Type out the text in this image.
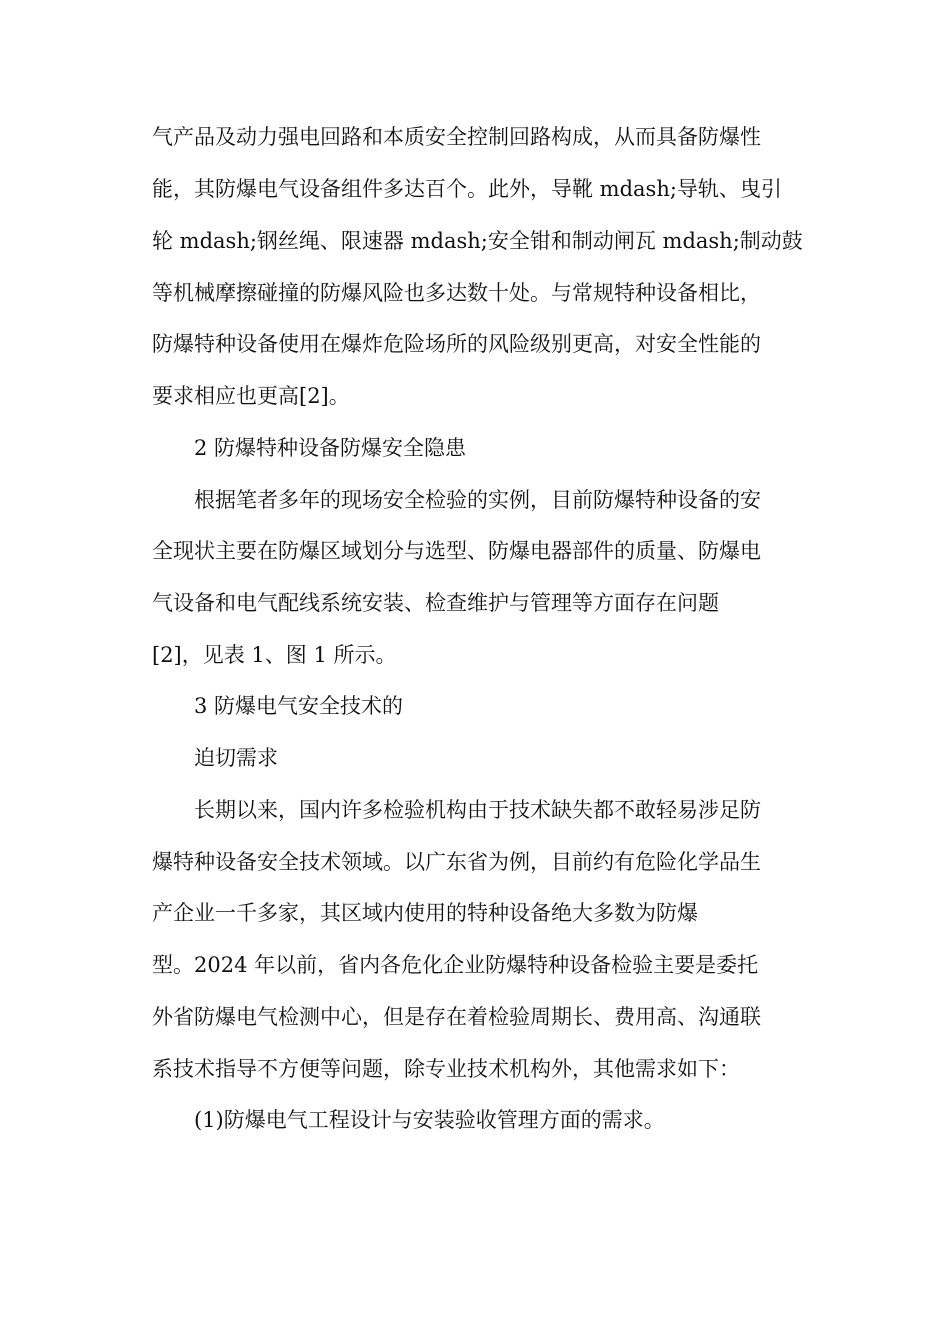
气产品及动力强电回路和本质安全控制回路构成，从而具备防爆性
能，其防爆电气设备组件多达百个。此外，导靴 mdash;导轨、曳引
轮 mdash;钢丝绳、限速器 mdash;安全钳和制动闸瓦 mdash;制动鼓
等机械摩擦碰撞的防爆风险也多达数十处。与常规特种设备相比，
防爆特种设备使用在爆炸危险场所的风险级别更高，对安全性能的
要求相应也更高[2]。
2 防爆特种设备防爆安全隐患
根据笔者多年的现场安全检验的实例，目前防爆特种设备的安
全现状主要在防爆区域划分与选型、防爆电器部件的质量、防爆电
气设备和电气配线系统安装、检查维护与管理等方面存在问题
[2]，见表 1、图 1 所示。
3 防爆电气安全技术的
迫切需求
长期以来，国内许多检验机构由于技术缺失都不敢轻易涉足防
爆特种设备安全技术领域。以广东省为例，目前约有危险化学品生
产企业一千多家，其区域内使用的特种设备绝大多数为防爆
型。2024 年以前，省内各危化企业防爆特种设备检验主要是委托
外省防爆电气检测中心，但是存在着检验周期长、费用高、沟通联
系技术指导不方便等问题，除专业技术机构外，其他需求如下：
(1)防爆电气工程设计与安装验收管理方面的需求。
